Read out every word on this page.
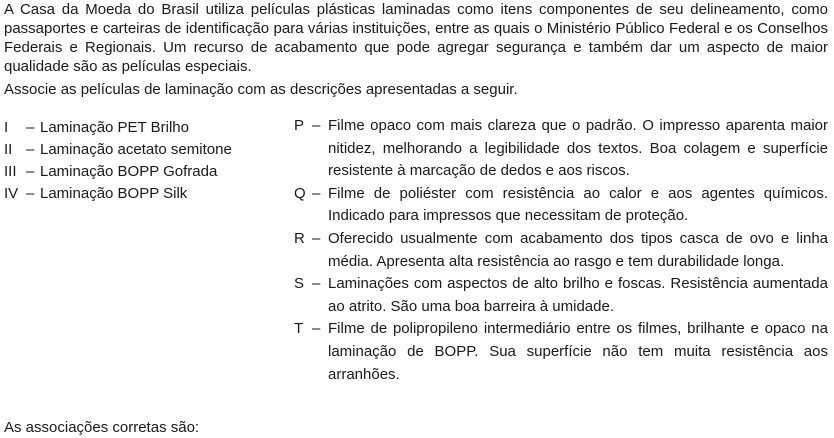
A Casa da Moeda do Brasil utiliza películas plásticas laminadas como itens componentes de seu delineamento, como passaportes e carteiras de identificação para várias instituições, entre as quais o Ministério Público Federal e os Conselhos Federais e Regionais. Um recurso de acabamento que pode agregar segurança e também dar um aspecto de maior qualidade são as películas especiais.

Associe as películas de laminação com as descrições apresentadas a seguir.

I	– Laminação PET Brilho
II – Laminação acetato semitone
III – Laminação BOPP Gofrada
IV – Laminação BOPP Silk
P – Filme opaco com mais clareza que o padrão. O impresso aparenta maior nitidez, melhorando a legibilidade dos textos. Boa colagem e superfície resistente à marcação de dedos e aos riscos.
Q – Filme de poliéster com resistência ao calor e aos agentes químicos. Indicado para impressos que necessitam de proteção.
R – Oferecido usualmente com acabamento dos tipos casca de ovo e linha média. Apresenta alta resistência ao rasgo e tem durabilidade longa.
S – Laminações com aspectos de alto brilho e foscas. Resistência aumentada ao atrito. São uma boa barreira à umidade.
T – Filme de polipropileno intermediário entre os filmes, brilhante e opaco na laminação de BOPP. Sua superfície não tem muita resistência aos arranhões.

As associações corretas são:
